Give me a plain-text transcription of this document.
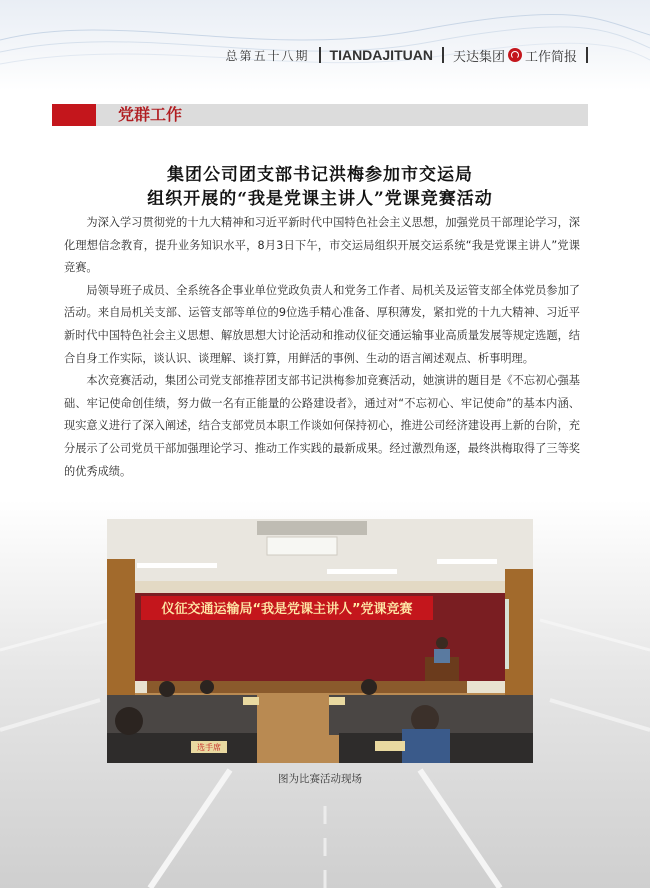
总第五十八期 TIANDAJITUAN 天达集团 工作简报
党群工作
集团公司团支部书记洪梅参加市交运局
组织开展的“我是党课主讲人”党课竞赛活动

为深入学习贯彻党的十九大精神和习近平新时代中国特色社会主义思想，加强党员干部理论学习，深化理想信念教育，提升业务知识水平，8月3日下午，市交运局组织开展交运系统“我是党课主讲人”党课竞赛。

局领导班子成员、全系统各企事业单位党政负责人和党务工作者、局机关及运管支部全体党员参加了活动。来自局机关支部、运管支部等单位的9位选手精心准备、厚积薄发，紧扣党的十九大精神、习近平新时代中国特色社会主义思想、解放思想大讨论活动和推动仪征交通运输事业高质量发展等规定选题，结合自身工作实际，谈认识、谈理解、谈打算，用鲜活的事例、生动的语言阐述观点、析事明理。

本次竞赛活动，集团公司党支部推荐团支部书记洪梅参加竞赛活动，她演讲的题目是《不忘初心强基础、牢记使命创佳绩，努力做一名有正能量的公路建设者》，通过对“不忘初心、牢记使命”的基本内涵、现实意义进行了深入阐述，结合支部党员本职工作谈如何保持初心，推进公司经济建设再上新的台阶，充分展示了公司党员干部加强理论学习、推动工作实践的最新成果。经过激烈角逐，最终洪梅取得了三等奖的优秀成绩。

仪征交通运输局“我是党课主讲人”党课竞赛
选手席
图为比赛活动现场
